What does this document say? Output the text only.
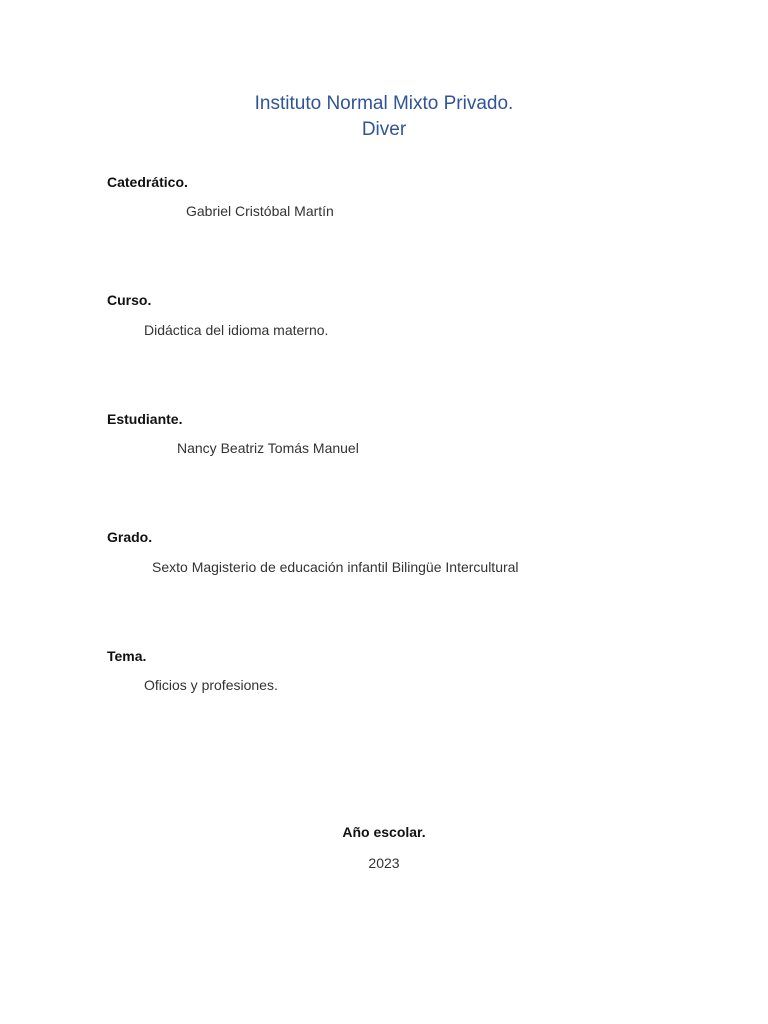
Instituto Normal Mixto Privado.
Diver
Catedrático.
Gabriel Cristóbal Martín
Curso.
Didáctica del idioma materno.
Estudiante.
Nancy Beatriz Tomás Manuel
Grado.
Sexto Magisterio de educación infantil Bilingüe Intercultural
Tema.
Oficios y profesiones.
Año escolar.
2023
